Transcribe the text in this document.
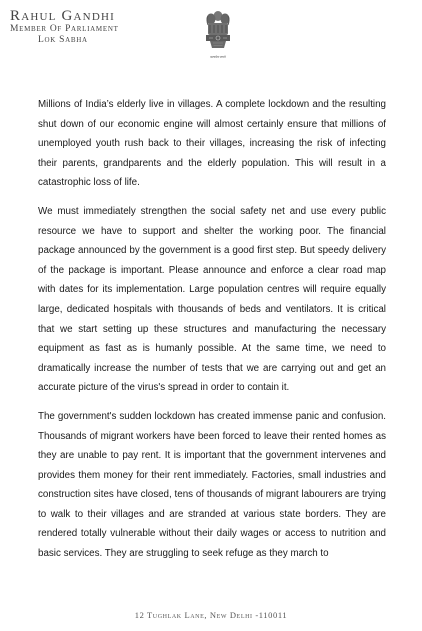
Rahul Gandhi
Member Of Parliament
Lok Sabha
सत्यमेव जयते

Millions of India’s elderly live in villages. A complete lockdown and the resulting shut down of our economic engine will almost certainly ensure that millions of unemployed youth rush back to their villages, increasing the risk of infecting their parents, grandparents and the elderly population. This will result in a catastrophic loss of life.

We must immediately strengthen the social safety net and use every public resource we have to support and shelter the working poor. The financial package announced by the government is a good first step. But speedy delivery of the package is important. Please announce and enforce a clear road map with dates for its implementation. Large population centres will require equally large, dedicated hospitals with thousands of beds and ventilators. It is critical that we start setting up these structures and manufacturing the necessary equipment as fast as is humanly possible. At the same time, we need to dramatically increase the number of tests that we are carrying out and get an accurate picture of the virus's spread in order to contain it.

The government's sudden lockdown has created immense panic and confusion. Thousands of migrant workers have been forced to leave their rented homes as they are unable to pay rent. It is important that the government intervenes and provides them money for their rent immediately. Factories, small industries and construction sites have closed, tens of thousands of migrant labourers are trying to walk to their villages and are stranded at various state borders. They are rendered totally vulnerable without their daily wages or access to nutrition and basic services. They are struggling to seek refuge as they march to

12 Tughlak Lane, New Delhi -110011
